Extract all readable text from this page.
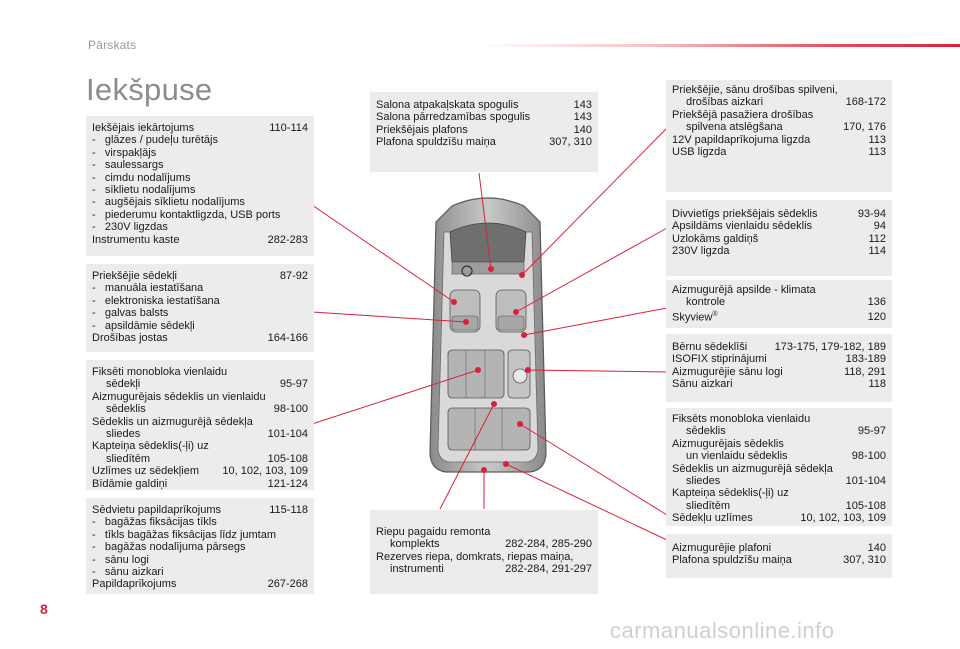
Pārskats
Iekšpuse
Iekšējais iekārtojums	110-114
-   glāzes / pudeļu turētājs
-   virspakļājs
-   saulessargs
-   cimdu nodalījums
-   sīklietu nodalījums
-   augšējais sīklietu nodalījums
-   piederumu kontaktligzda, USB ports
-   230V ligzdas
Instrumentu kaste	282-283
Priekšējie sēdekļi	87-92
-   manuāla iestatīšana
-   elektroniska iestatīšana
-   galvas balsts
-   apsildāmie sēdekļi
Drošības jostas	164-166
Fiksēti monobloka vienlaidu
sēdekļi	95-97
Aizmugurējais sēdeklis un vienlaidu
sēdeklis	98-100
Sēdeklis un aizmugurējā sēdekļa
sliedes	101-104
Kapteiņa sēdeklis(-ļi) uz
sliedītēm	105-108
Uzlīmes uz sēdekļiem	10, 102, 103, 109
Bīdāmie galdiņi	121-124
Sēdvietu papildaprīkojums	115-118
-   bagāžas fiksācijas tīkls
-   tīkls bagāžas fiksācijas līdz jumtam
-   bagāžas nodalījuma pārsegs
-   sānu logi
-   sānu aizkari
Papildaprīkojums	267-268
Salona atpakaļskata spogulis	143
Salona pārredzamības spogulis	143
Priekšējais plafons	140
Plafona spuldzīšu maiņa	307, 310
Riepu pagaidu remonta
komplekts	282-284, 285-290
Rezerves riepa, domkrats, riepas maiņa,
instrumenti	282-284, 291-297
Priekšējie, sānu drošības spilveni,
drošības aizkari	168-172
Priekšējā pasažiera drošības
spilvena atslēgšana	170, 176
12V papildaprīkojuma ligzda	113
USB ligzda	113
Divvietīgs priekšējais sēdeklis	93-94
Apsildāms vienlaidu sēdeklis	94
Uzlokāms galdiņš	112
230V ligzda	114
Aizmugurējā apsilde - klimata
kontrole	136
Skyview®	120
Bērnu sēdeklīši	173-175, 179-182, 189
ISOFIX stiprinājumi	183-189
Aizmugurējie sānu logi	118, 291
Sānu aizkari	118
Fiksēts monobloka vienlaidu
sēdeklis	95-97
Aizmugurējais sēdeklis
un vienlaidu sēdeklis	98-100
Sēdeklis un aizmugurējā sēdekļa
sliedes	101-104
Kapteiņa sēdeklis(-ļi) uz
sliedītēm	105-108
Sēdekļu uzlīmes	10, 102, 103, 109
Aizmugurējie plafoni	140
Plafona spuldzīšu maiņa	307, 310
8
carmanualsonline.info
